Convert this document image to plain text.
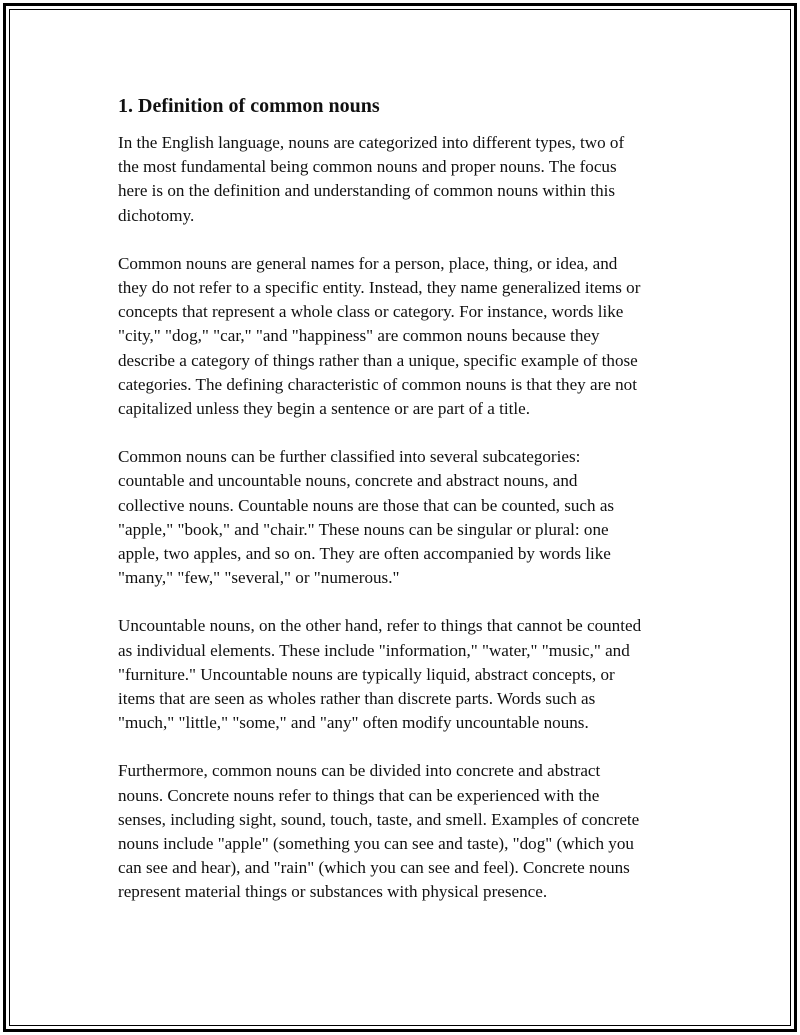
1. Definition of common nouns

In the English language, nouns are categorized into different types, two of
the most fundamental being common nouns and proper nouns. The focus
here is on the definition and understanding of common nouns within this
dichotomy.

Common nouns are general names for a person, place, thing, or idea, and
they do not refer to a specific entity. Instead, they name generalized items or
concepts that represent a whole class or category. For instance, words like
"city," "dog," "car," "and "happiness" are common nouns because they
describe a category of things rather than a unique, specific example of those
categories. The defining characteristic of common nouns is that they are not
capitalized unless they begin a sentence or are part of a title.

Common nouns can be further classified into several subcategories:
countable and uncountable nouns, concrete and abstract nouns, and
collective nouns. Countable nouns are those that can be counted, such as
"apple," "book," and "chair." These nouns can be singular or plural: one
apple, two apples, and so on. They are often accompanied by words like
"many," "few," "several," or "numerous."

Uncountable nouns, on the other hand, refer to things that cannot be counted
as individual elements. These include "information," "water," "music," and
"furniture." Uncountable nouns are typically liquid, abstract concepts, or
items that are seen as wholes rather than discrete parts. Words such as
"much," "little," "some," and "any" often modify uncountable nouns.

Furthermore, common nouns can be divided into concrete and abstract
nouns. Concrete nouns refer to things that can be experienced with the
senses, including sight, sound, touch, taste, and smell. Examples of concrete
nouns include "apple" (something you can see and taste), "dog" (which you
can see and hear), and "rain" (which you can see and feel). Concrete nouns
represent material things or substances with physical presence.
